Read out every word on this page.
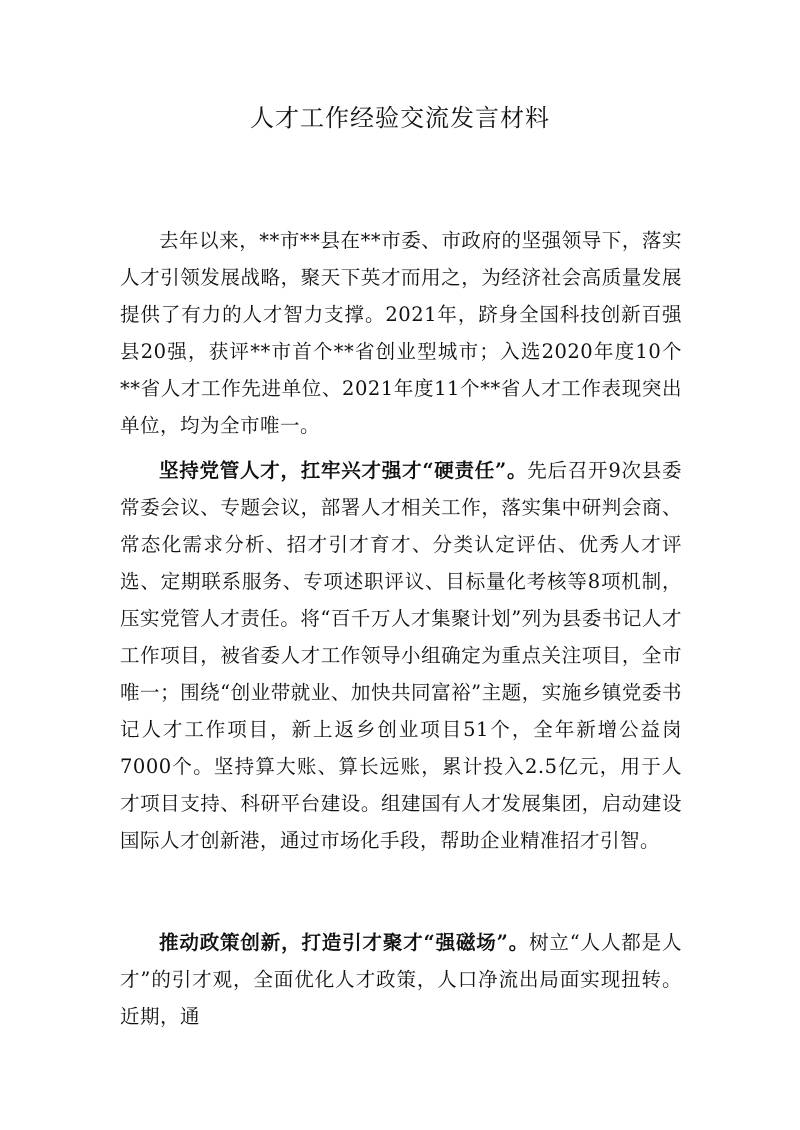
人才工作经验交流发言材料

去年以来，**市**县在**市委、市政府的坚强领导下，落实人才引领发展战略，聚天下英才而用之，为经济社会高质量发展提供了有力的人才智力支撑。2021年，跻身全国科技创新百强县20强，获评**市首个**省创业型城市；入选2020年度10个**省人才工作先进单位、2021年度11个**省人才工作表现突出单位，均为全市唯一。

坚持党管人才，扛牢兴才强才“硬责任”。先后召开9次县委常委会议、专题会议，部署人才相关工作，落实集中研判会商、常态化需求分析、招才引才育才、分类认定评估、优秀人才评选、定期联系服务、专项述职评议、目标量化考核等8项机制，压实党管人才责任。将“百千万人才集聚计划”列为县委书记人才工作项目，被省委人才工作领导小组确定为重点关注项目，全市唯一；围绕“创业带就业、加快共同富裕”主题，实施乡镇党委书记人才工作项目，新上返乡创业项目51个，全年新增公益岗7000个。坚持算大账、算长远账，累计投入2.5亿元，用于人才项目支持、科研平台建设。组建国有人才发展集团，启动建设国际人才创新港，通过市场化手段，帮助企业精准招才引智。

推动政策创新，打造引才聚才“强磁场”。树立“人人都是人才”的引才观，全面优化人才政策，人口净流出局面实现扭转。近期，通
